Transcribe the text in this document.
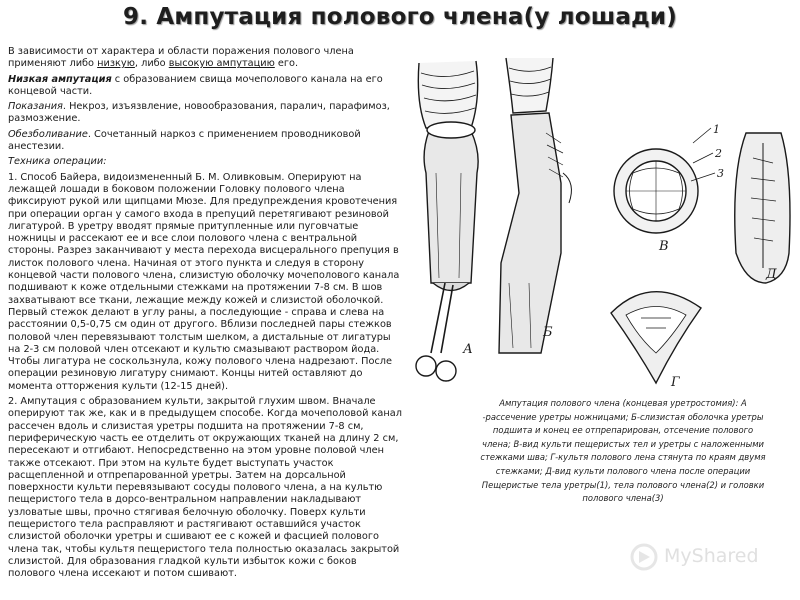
9. Ампутация полового члена(у лошади)

В зависимости от характера и области поражения полового члена применяют либо низкую, либо высокую ампутацию его.

Низкая ампутация с образованием свища мочеполового канала на его концевой части.

Показания. Некроз, изъязвление, новообразования, паралич, парафимоз, размозжение.

Обезболивание. Сочетанный наркоз с применением проводниковой анестезии.

Техника операции:

1. Способ Байера, видоизмененный Б. М. Оливковым. Оперируют на лежащей лошади в боковом положении Головку полового члена фиксируют рукой или щипцами Мюзе. Для предупреждения кровотечения при операции орган у самого входа в препуций перетягивают резиновой лигатурой. В уретру вводят прямые притупленные или пуговчатые ножницы и рассекают ее и все слои полового члена с вентральной стороны. Разрез заканчивают у места перехода висцерального препуция в листок полового члена. Начиная от этого пункта и следуя в сторону концевой части полового члена, слизистую оболочку мочеполового канала подшивают к коже отдельными стежками на протяжении 7-8 см. В шов захватывают все ткани, лежащие между кожей и слизистой оболочкой. Первый стежок делают в углу раны, а последующие - справа и слева на расстоянии 0,5-0,75 см один от другого. Вблизи последней пары стежков половой член перевязывают толстым шелком, а дистальные от лигатуры на 2-3 см половой член отсекают и культю смазывают раствором йода. Чтобы лигатура не соскользнула, кожу полового члена надрезают. После операции резиновую лигатуру снимают. Концы нитей оставляют до момента отторжения культи (12-15 дней).

2. Ампутация с образованием культи, закрытой глухим швом. Вначале оперируют так же, как и в предыдущем способе. Когда мочеполовой канал рассечен вдоль и слизистая уретры подшита на протяжении 7-8 см, периферическую часть ее отделить от окружающих тканей на длину 2 см, пересекают и отгибают. Непосредственно на этом уровне половой член также отсекают. При этом на культе будет выступать участок расщепленной и отпрепарованной уретры. Затем на дорсальной поверхности культи перевязывают сосуды полового члена, а на культю пещеристого тела в дорсо-вентральном направлении накладывают узловатые швы, прочно стягивая белочную оболочку. Поверх культи пещеристого тела расправляют и растягивают оставшийся участок слизистой оболочки уретры и сшивают ее с кожей и фасцией полового члена так, чтобы культя пещеристого тела полностью оказалась закрытой слизистой. Для образования гладкой культи избыток кожи с боков полового члена иссекают и потом сшивают.

А
Б
В
Г
Д
1
2
3
Ампутация полового члена (концевая уретростомия): А -рассечение уретры ножницами; Б-слизистая оболочка уретры подшита и конец ее отпрепарирован, отсечение полового члена; В-вид культи пещеристых тел и уретры с наложенными стежками шва; Г-культя полового лена стянута по краям двумя стежками; Д-вид культи полового члена после операции Пещеристые тела уретры(1), тела полового члена(2) и головки полового члена(3)
MyShared
